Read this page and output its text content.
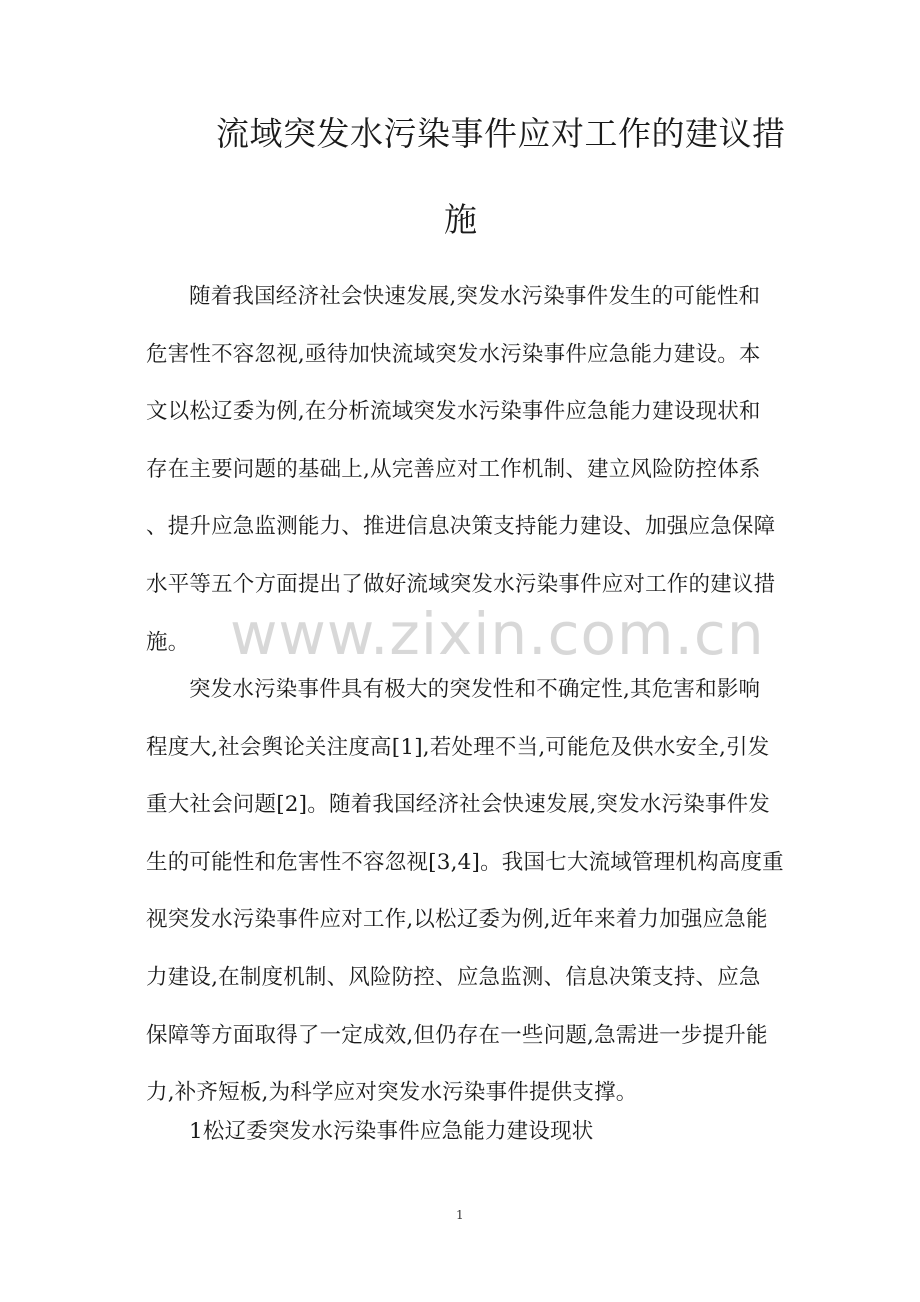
流域突发水污染事件应对工作的建议措
施
随着我国经济社会快速发展,突发水污染事件发生的可能性和
危害性不容忽视,亟待加快流域突发水污染事件应急能力建设。本
文以松辽委为例,在分析流域突发水污染事件应急能力建设现状和
存在主要问题的基础上,从完善应对工作机制、建立风险防控体系
、提升应急监测能力、推进信息决策支持能力建设、加强应急保障
水平等五个方面提出了做好流域突发水污染事件应对工作的建议措
施。 www.zixin.com.cn
突发水污染事件具有极大的突发性和不确定性,其危害和影响
程度大,社会舆论关注度高[1],若处理不当,可能危及供水安全,引发
重大社会问题[2]。随着我国经济社会快速发展,突发水污染事件发
生的可能性和危害性不容忽视[3,4]。我国七大流域管理机构高度重
视突发水污染事件应对工作,以松辽委为例,近年来着力加强应急能
力建设,在制度机制、风险防控、应急监测、信息决策支持、应急
保障等方面取得了一定成效,但仍存在一些问题,急需进一步提升能
力,补齐短板,为科学应对突发水污染事件提供支撑。
1松辽委突发水污染事件应急能力建设现状
1
